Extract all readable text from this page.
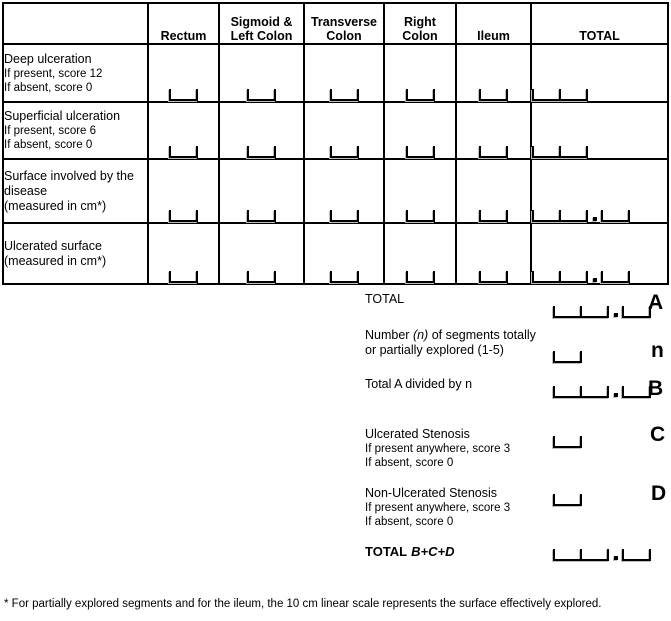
	Rectum	Sigmoid & Left Colon	Transverse Colon	Right Colon	Ileum	TOTAL

Deep ulceration
If present, score 12
If absent, score 0						

Superficial ulceration
If present, score 6
If absent, score 0						

Surface involved by the disease
(measured in cm*)						

Ulcerated surface
(measured in cm*)						

TOTAL	A
Number (n) of segments totally
or partially explored (1-5)	n
Total A divided by n	B
Ulcerated Stenosis
If present anywhere, score 3
If absent, score 0
C
Non-Ulcerated Stenosis
If present anywhere, score 3
If absent, score 0
D
TOTAL B+C+D
* For partially explored segments and for the ileum, the 10 cm linear scale represents the surface effectively explored.
